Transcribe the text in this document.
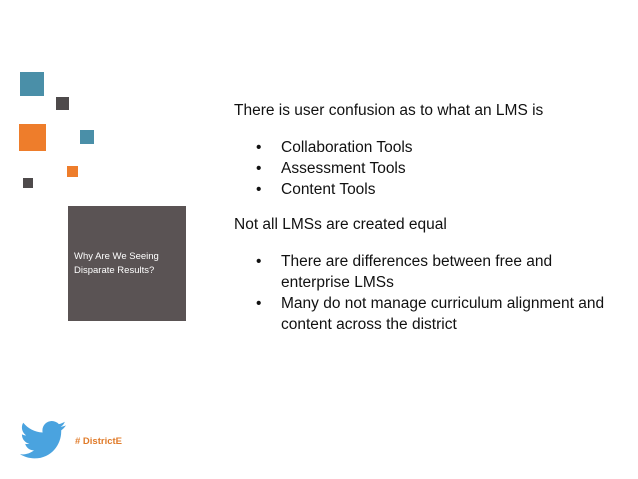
Why Are We Seeing Disparate Results?

There is user confusion as to what an LMS is

• Collaboration Tools
• Assessment Tools
• Content Tools

Not all LMSs are created equal

• There are differences between free and enterprise LMSs
• Many do not manage curriculum alignment and content across the district
# DistrictE
